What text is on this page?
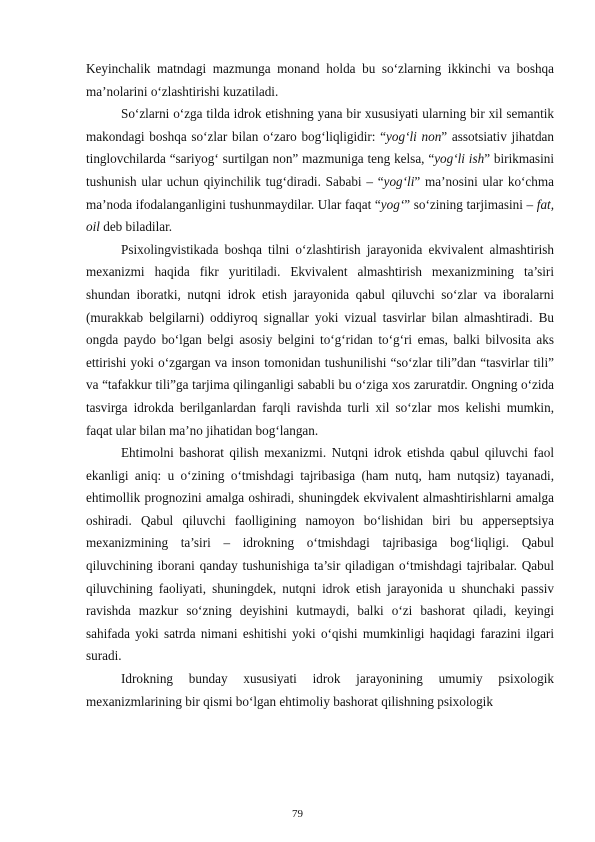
Keyinchalik matndagi mazmunga monand holda bu so‘zlarning ikkinchi va boshqa ma’nolarini o‘zlashtirishi kuzatiladi.

So‘zlarni o‘zga tilda idrok etishning yana bir xususiyati ularning bir xil semantik makondagi boshqa so‘zlar bilan o‘zaro bog‘liqligidir: “yog‘li non” assotsiativ jihatdan tinglovchilarda “sariyog‘ surtilgan non” mazmuniga teng kelsa, “yog‘li ish” birikmasini tushunish ular uchun qiyinchilik tug‘diradi. Sababi – “yog‘li” ma’nosini ular ko‘chma ma’noda ifodalanganligini tushunmaydilar. Ular faqat “yog‘” so‘zining tarjimasini – fat, oil deb biladilar.

Psixolingvistikada boshqa tilni o‘zlashtirish jarayonida ekvivalent almashtirish mexanizmi haqida fikr yuritiladi. Ekvivalent almashtirish mexanizmining ta’siri shundan iboratki, nutqni idrok etish jarayonida qabul qiluvchi so‘zlar va iboralarni (murakkab belgilarni) oddiyroq signallar yoki vizual tasvirlar bilan almashtiradi. Bu ongda paydo bo‘lgan belgi asosiy belgini to‘g‘ridan to‘g‘ri emas, balki bilvosita aks ettirishi yoki o‘zgargan va inson tomonidan tushunilishi “so‘zlar tili”dan “tasvirlar tili” va “tafakkur tili”ga tarjima qilinganligi sababli bu o‘ziga xos zaruratdir. Ongning o‘zida tasvirga idrokda berilganlardan farqli ravishda turli xil so‘zlar mos kelishi mumkin, faqat ular bilan ma’no jihatidan bog‘langan.

Ehtimolni bashorat qilish mexanizmi. Nutqni idrok etishda qabul qiluvchi faol ekanligi aniq: u o‘zining o‘tmishdagi tajribasiga (ham nutq, ham nutqsiz) tayanadi, ehtimollik prognozini amalga oshiradi, shuningdek ekvivalent almashtirishlarni amalga oshiradi. Qabul qiluvchi faolligining namoyon bo‘lishidan biri bu apperseptsiya mexanizmining ta’siri – idrokning o‘tmishdagi tajribasiga bog‘liqligi. Qabul qiluvchining iborani qanday tushunishiga ta’sir qiladigan o‘tmishdagi tajribalar. Qabul qiluvchining faoliyati, shuningdek, nutqni idrok etish jarayonida u shunchaki passiv ravishda mazkur so‘zning deyishini kutmaydi, balki o‘zi bashorat qiladi, keyingi sahifada yoki satrda nimani eshitishi yoki o‘qishi mumkinligi haqidagi farazini ilgari suradi.

Idrokning bunday xususiyati idrok jarayonining umumiy psixologik mexanizmlarining bir qismi bo‘lgan ehtimoliy bashorat qilishning psixologik

79
